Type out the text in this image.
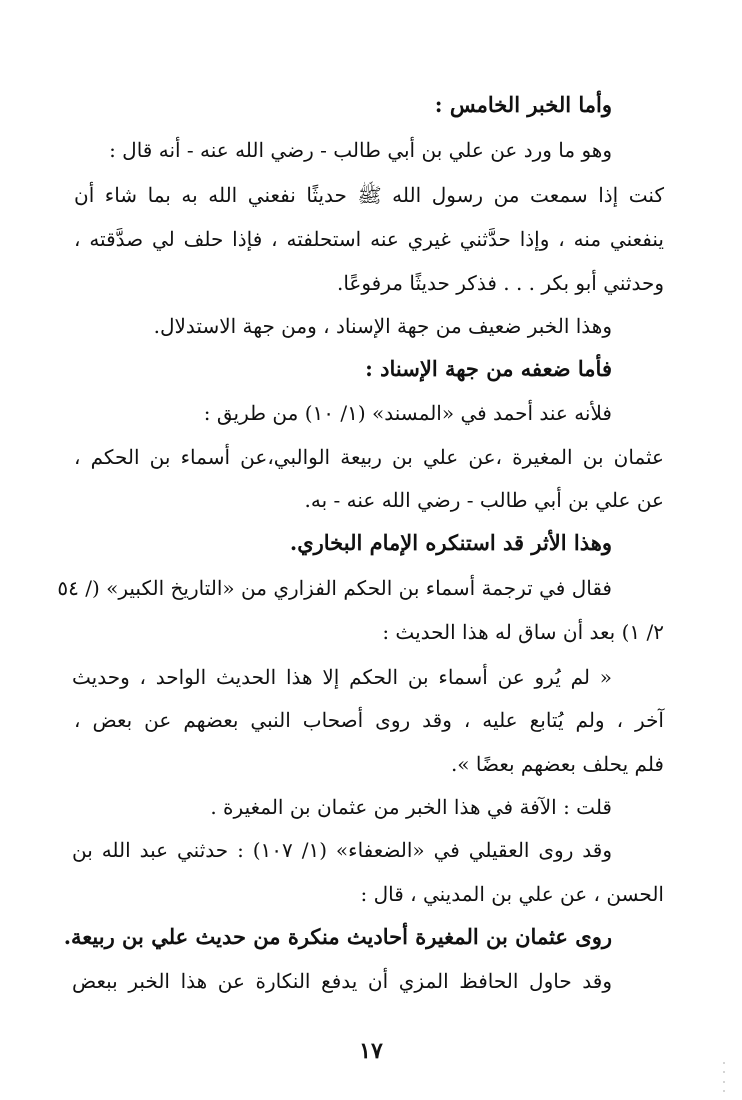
وأما الخبر الخامس :
وهو ما ورد عن علي بن أبي طالب - رضي الله عنه - أنه قال :
كنت إذا سمعت من رسول الله ﷺ حديثًا نفعني الله به بما شاء أن
ينفعني منه ، وإذا حدَّثني غيري عنه استحلفته ، فإذا حلف لي صدَّقته ،
وحدثني أبو بكر . . . فذكر حديثًا مرفوعًا.
وهذا الخبر ضعيف من جهة الإسناد ، ومن جهة الاستدلال.
فأما ضعفه من جهة الإسناد :
فلأنه عند أحمد في «المسند» (١/ ١٠) من طريق :
عثمان بن المغيرة ،عن علي بن ربيعة الوالبي،عن أسماء بن الحكم ،
عن علي بن أبي طالب - رضي الله عنه - به.
وهذا الأثر قد استنكره الإمام البخاري.
فقال في ترجمة أسماء بن الحكم الفزاري من «التاريخ الكبير» (/ ٥٤
٢/ ١) بعد أن ساق له هذا الحديث :
« لم يُرو عن أسماء بن الحكم إلا هذا الحديث الواحد ، وحديث
آخر ، ولم يُتابع عليه ، وقد روى أصحاب النبي بعضهم عن بعض ،
فلم يحلف بعضهم بعضًا ».
قلت : الآفة في هذا الخبر من عثمان بن المغيرة .
وقد روى العقيلي في «الضعفاء» (١/ ١٠٧) : حدثني عبد الله بن
الحسن ، عن علي بن المديني ، قال :
روى عثمان بن المغيرة أحاديث منكرة من حديث علي بن ربيعة.
وقد حاول الحافظ المزي أن يدفع النكارة عن هذا الخبر ببعض
١٧
